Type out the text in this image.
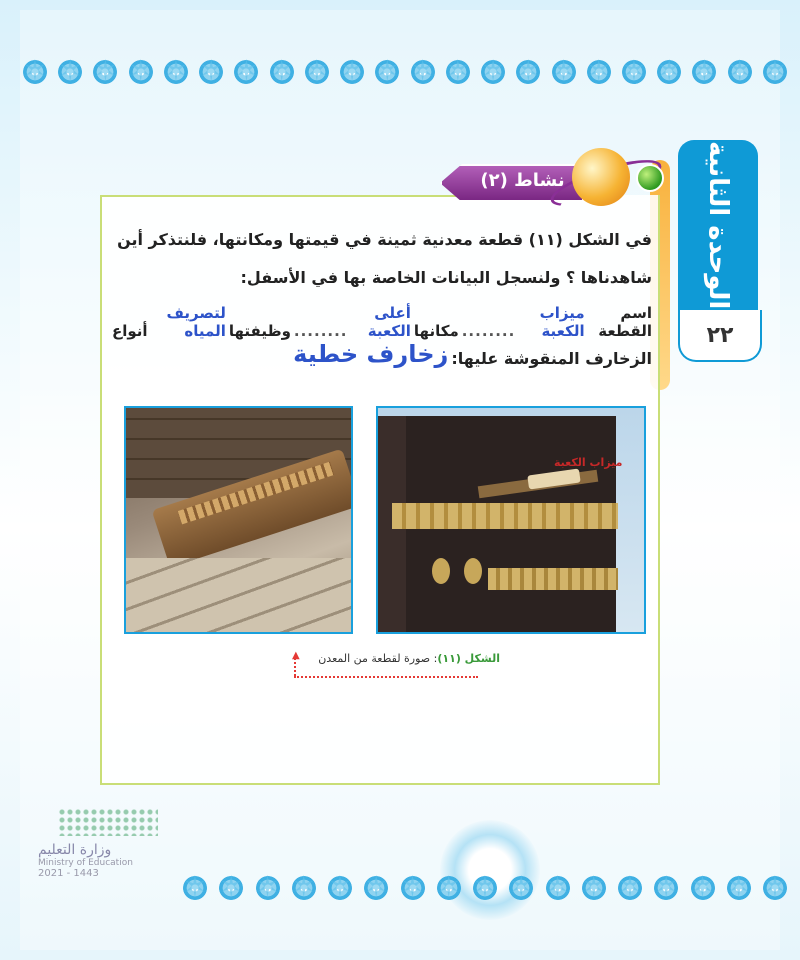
✶
✶
✶
✶
✶
✶
✶
✶
✶
✶
✶
✶
✶
✶
✶
✶
✶
✶
✶
✶
✶
✶
الوحدة الثانية
٢٢
نشاط (٢)
في الشكل (١١) قطعة معدنية ثمينة في قيمتها ومكانتها، فلنتذكر أين
شاهدناها ؟ ولنسجل البيانات الخاصة بها في الأسفل:
اسم القطعة
ميزاب الكعبة
........
مكانها
أعلى الكعبة
........
وظيفتها
لتصريف المياه
أنواع
الزخارف المنقوشة عليها:
زخارف خطية
ميزاب الكعبة
▲	الشكل (١١): صورة لقطعة من المعدن
وزارة التعليم
Ministry of Education
2021 - 1443
✶
✶
✶
✶
✶
✶
✶
✶
✶
✶
✶
✶
✶
✶
✶
✶
✶
